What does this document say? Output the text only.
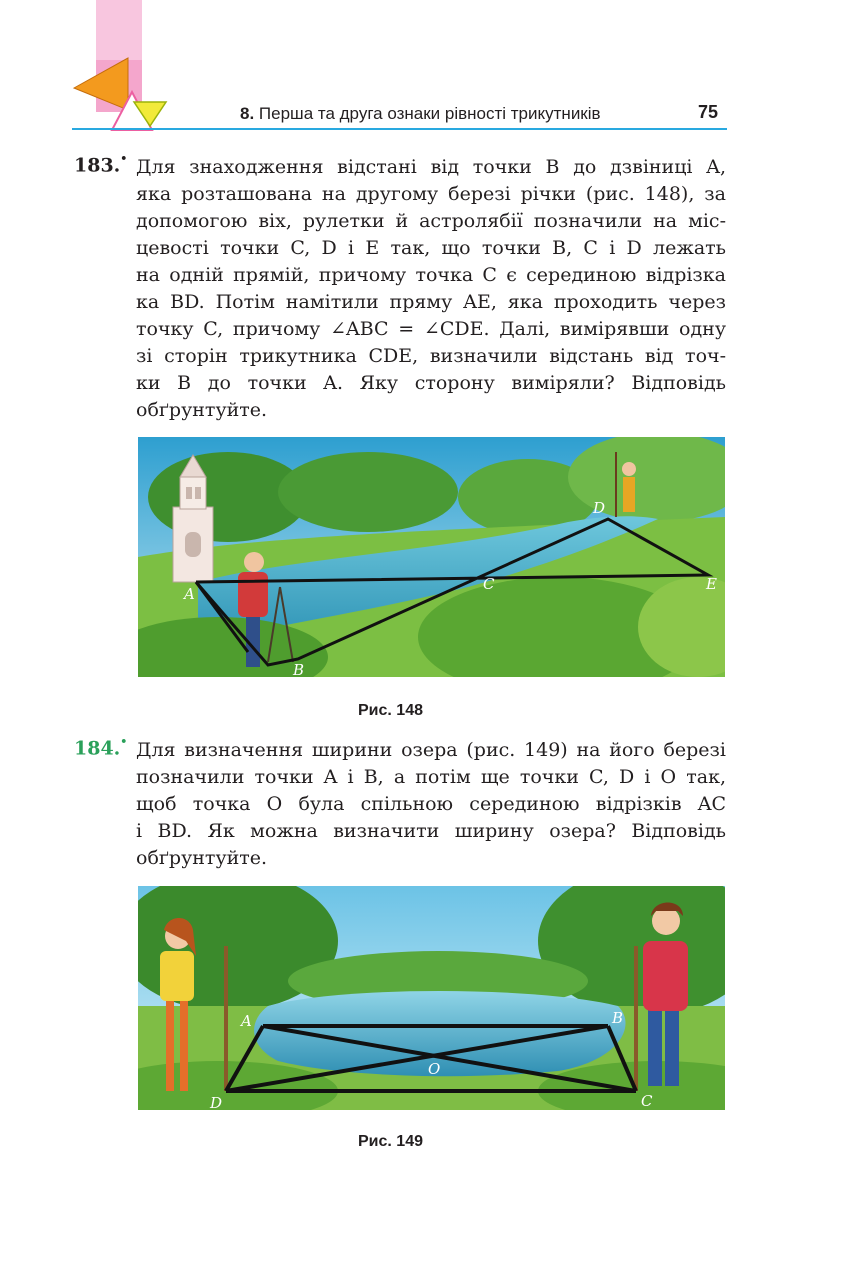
8. Перша та друга ознаки рівності трикутників	75
183.• Для знаходження відстані від точки B до дзвіниці A,
яка розташована на другому березі річки (рис. 148), за
допомогою віх, рулетки й астролябії позначили на міс-
цевості точки C, D і E так, що точки B, C і D лежать
на одній прямій, причому точка C є серединою відрізка
ка BD. Потім намітили пряму AE, яка проходить через
точку C, причому ∠ABC = ∠CDE. Далі, вимірявши одну
зі сторін трикутника CDE, визначили відстань від точ-
ки B до точки A. Яку сторону виміряли? Відповідь
обґрунтуйте.
A
B
C
D
E
Рис. 148
184.• Для визначення ширини озера (рис. 149) на його березі
позначили точки A і B, а потім ще точки C, D і O так,
щоб точка O була спільною серединою відрізків AC
і BD. Як можна визначити ширину озера? Відповідь
обґрунтуйте.
A	B
C
D
O
Рис. 149
